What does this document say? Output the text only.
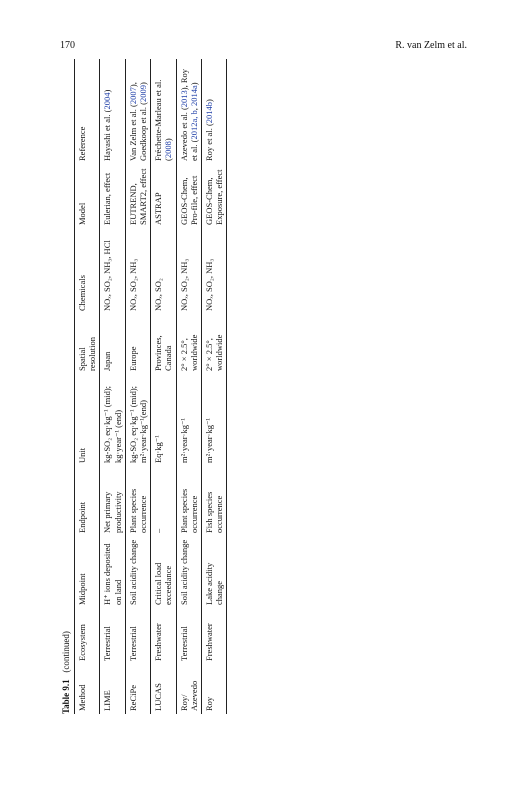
170	R. van Zelm et al.
Table 9.1   (continued)
Method	Ecosystem	Midpoint	Endpoint	Unit	Spatial resolution	Chemicals	Model	Reference
LIME	Terrestrial	H⁺ ions deposited on land	Net primary productivity	kg-SO₂ eq·kg⁻¹ (mid); kg·year⁻¹ (end)	Japan	NOₓ, SO₂, NH₃, HCl	Eulerian, effect	Hayashi et al. (2004)
ReCiPe	Terrestrial	Soil acidity change	Plant species occurrence	kg-SO₂ eq·kg⁻¹ (mid); m²·year·kg⁻¹(end)	Europe	NOₓ, SO₂, NH₃	EUTREND, SMART2, effect	Van Zelm et al. (2007), Goedkoop et al. (2009)
LUCAS	Freshwater	Critical load exceedance	–	Eq·kg⁻¹	Provinces, Canada	NOₓ, SO₂	ASTRAP	Fréchette-Marleau et al. (2008)
Roy/ Azevedo	Terrestrial	Soil acidity change	Plant species occurrence	m²·year·kg⁻¹	2° × 2.5°, worldwide	NOₓ, SO₂, NH₃	GEOS-Chem, Pro-file, effect	Azevedo et al. (2013), Roy et al. (2012a, b, 2014a)
Roy	Freshwater	Lake acidity change	Fish species occurrence	m²·year·kg⁻¹	2° × 2.5°, worldwide	NOₓ, SO₂, NH₃	GEOS-Chem, Exposure, effect	Roy et al. (2014b)
